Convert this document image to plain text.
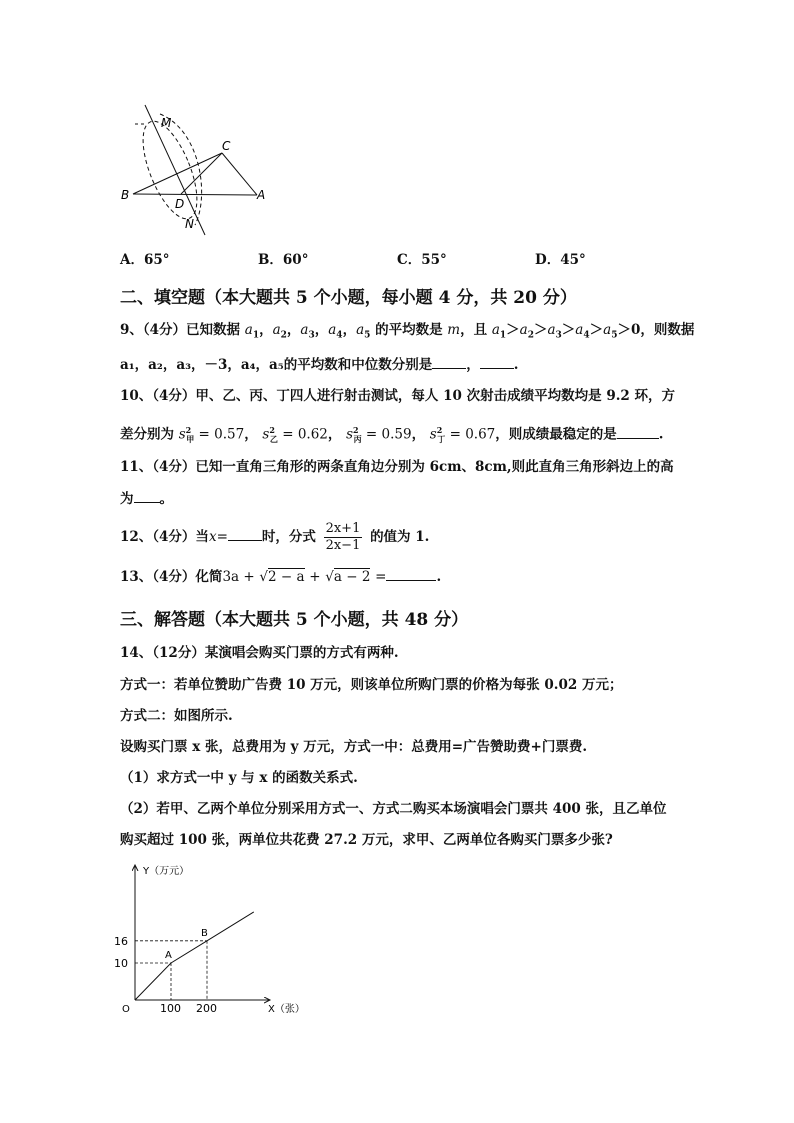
M
C
B	A
D
N
A．65°	B．60°	C．55°	D．45°
二、填空题（本大题共 5 个小题，每小题 4 分，共 20 分）
9、（4分）已知数据 $a_1$，$a_2$，$a_3$，$a_4$，$a_5$ 的平均数是 m，且 $a_1>a_2>a_3>a_4>a_5>0$，则数据
a₁，a₂，a₃，－3，a₄，a₅的平均数和中位数分别是	，	.
10、（4分）甲、乙、丙、丁四人进行射击测试，每人 10 次射击成绩平均数均是 9.2 环，方
差分别为 $s^2_甲 = 0.57$， $s^2_乙 = 0.62$， $s^2_丙 = 0.59$， $s^2_丁 = 0.67$，则成绩最稳定的是	.
11、（4分）已知一直角三角形的两条直角边分别为 6cm、8cm,则此直角三角形斜边上的高
为 。
12、（4分）当x=	时，分式 $\frac{2x+1}{2x-1}$ 的值为 1.
13、（4分）化简3a + √2 − a + √a − 2 =	.
三、解答题（本大题共 5 个小题，共 48 分）
14、（12分）某演唱会购买门票的方式有两种.
方式一：若单位赞助广告费 10 万元，则该单位所购门票的价格为每张 0.02 万元；
方式二：如图所示.
设购买门票 x 张，总费用为 y 万元，方式一中：总费用=广告赞助费+门票费.
（1）求方式一中 y 与 x 的函数关系式.
（2）若甲、乙两个单位分别采用方式一、方式二购买本场演唱会门票共 400 张，且乙单位
购买超过 100 张，两单位共花费 27.2 万元，求甲、乙两单位各购买门票多少张?
Y（万元）
X（张）
O
A
B
16
10
100 200
